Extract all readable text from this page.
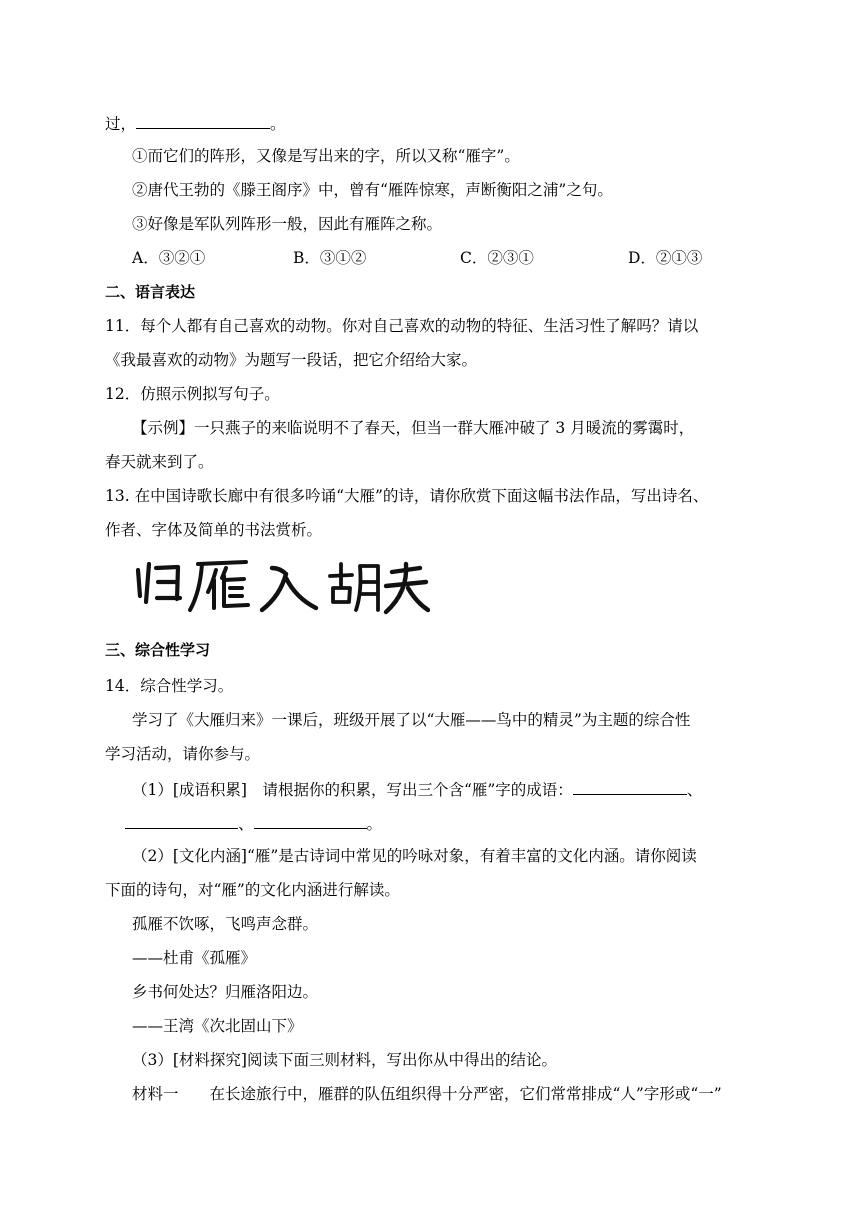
过，	。
①而它们的阵形，又像是写出来的字，所以又称“雁字”。
②唐代王勃的《滕王阁序》中，曾有“雁阵惊寒，声断衡阳之浦”之句。
③好像是军队列阵形一般，因此有雁阵之称。
A．③②①	B．③①②	C．②③①	D．②①③
二、语言表达
11．每个人都有自己喜欢的动物。你对自己喜欢的动物的特征、生活习性了解吗？请以
《我最喜欢的动物》为题写一段话，把它介绍给大家。
12．仿照示例拟写句子。
【示例】一只燕子的来临说明不了春天，但当一群大雁冲破了 3 月暖流的雾霭时，
春天就来到了。
13. 在中国诗歌长廊中有很多吟诵“大雁”的诗，请你欣赏下面这幅书法作品，写出诗名、
作者、字体及简单的书法赏析。
三、综合性学习
14．综合性学习。
学习了《大雁归来》一课后，班级开展了以“大雁——鸟中的精灵”为主题的综合性
学习活动，请你参与。
（1）[成语积累]　请根据你的积累，写出三个含“雁”字的成语：	、
、	。
（2）[文化内涵]“雁”是古诗词中常见的吟咏对象，有着丰富的文化内涵。请你阅读
下面的诗句，对“雁”的文化内涵进行解读。
孤雁不饮啄，飞鸣声念群。
——杜甫《孤雁》
乡书何处达？归雁洛阳边。
——王湾《次北固山下》
（3）[材料探究]阅读下面三则材料，写出你从中得出的结论。
材料一　　在长途旅行中，雁群的队伍组织得十分严密，它们常常排成“人”字形或“一”
